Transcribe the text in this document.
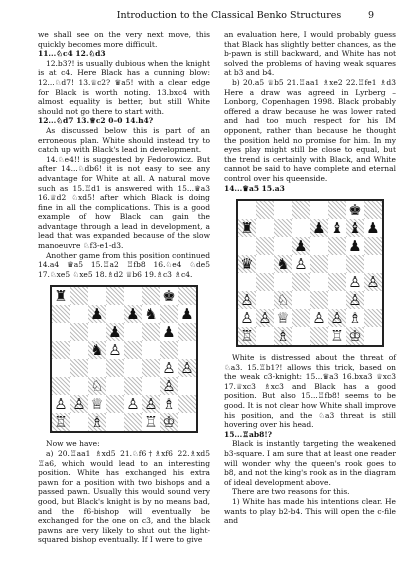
Introduction to the Classical Benko Structures	9

we shall see on the very next move, this quickly becomes more difficult.

11...♘c4 12.♘d3

12.b3?! is usually dubious when the knight is at c4. Here Black has a cunning blow: 12...♘d7! 13.♕c2? ♛a5! with a clear edge for Black is worth noting. 13.bxc4 with almost equality is better, but still White should not go there to start with.

12...♘d7 13.♕c2 0–0 14.h4?

As discussed below this is part of an erroneous plan. White should instead try to catch up with Black's lead in development.

14.♘e4!! is suggested by Fedorowicz. But after 14...♘db6! it is not easy to see any advantage for White at all. A natural move such as 15.♖d1 is answered with 15...♛a3 16.♕d2 ♘xd5! after which Black is doing fine in all the complications. This is a good example of how Black can gain the advantage through a lead in development, a lead that was expanded because of the slow manoeuvre ♘f3-e1-d3.

Another game from this position continued 14.a4 ♛a5 15.♖a2 ♖fb8 16.♘e4 ♘de5 17.♘xe5 ♘xe5 18.♗d2 ♕b6 19.♗c3 ♗c4.

♜	♚
♟ ♟ ♞ ♟
♟	♟
♞ ♙
♙ ♙
♘	♙
♙ ♙ ♕ ♙ ♙ ♗
♖ ♗	♖ ♔

Now we have:

a) 20.♖aa1 ♗xd5 21.♘f6†♗xf6 22.♗xd5 ♖a6, which would lead to an interesting position. White has exchanged his extra pawn for a position with two bishops and a passed pawn. Usually this would sound very good, but Black's knight is by no means bad, and the f6-bishop will eventually be exchanged for the one on c3, and the black pawns are very likely to shut out the light-squared bishop eventually. If I were to give

an evaluation here, I would probably guess that Black has slightly better chances, as the b-pawn is still backward, and White has not solved the problems of having weak squares at b3 and b4.

b) 20.a5 ♕b5 21.♖aa1 ♗xe2 22.♖fe1 ♗d3 Here a draw was agreed in Lyrberg – Lonborg, Copenhagen 1998. Black probably offered a draw because he was lower rated and had too much respect for his IM opponent, rather than because he thought the position held no promise for him. In my eyes play might still be close to equal, but the trend is certainly with Black, and White cannot be said to have complete and eternal control over his queenside.

14...♛a5 15.a3

♚
♜	♟ ♝ ♝ ♟
♟	♟
♛ ♞ ♙
♙ ♙
♙ ♘	♙
♙ ♙ ♕ ♙ ♙ ♗
♖ ♗	♖ ♔

White is distressed about the threat of ♘a3. 15.♖b1?! allows this trick, based on the weak c3-knight: 15...♛a3 16.bxa3 ♕xc3 17.♕xc3 ♗xc3 and Black has a good position. But also 15...♖fb8! seems to be good. It is not clear how White shall improve his position, and the ♘a3 threat is still hovering over his head.

15...♖ab8!?

Black is instantly targeting the weakened b3-square. I am sure that at least one reader will wonder why the queen's rook goes to b8, and not the king's rook as in the diagram of ideal development above.

There are two reasons for this.

1) White has made his intentions clear. He wants to play b2-b4. This will open the c-file and
